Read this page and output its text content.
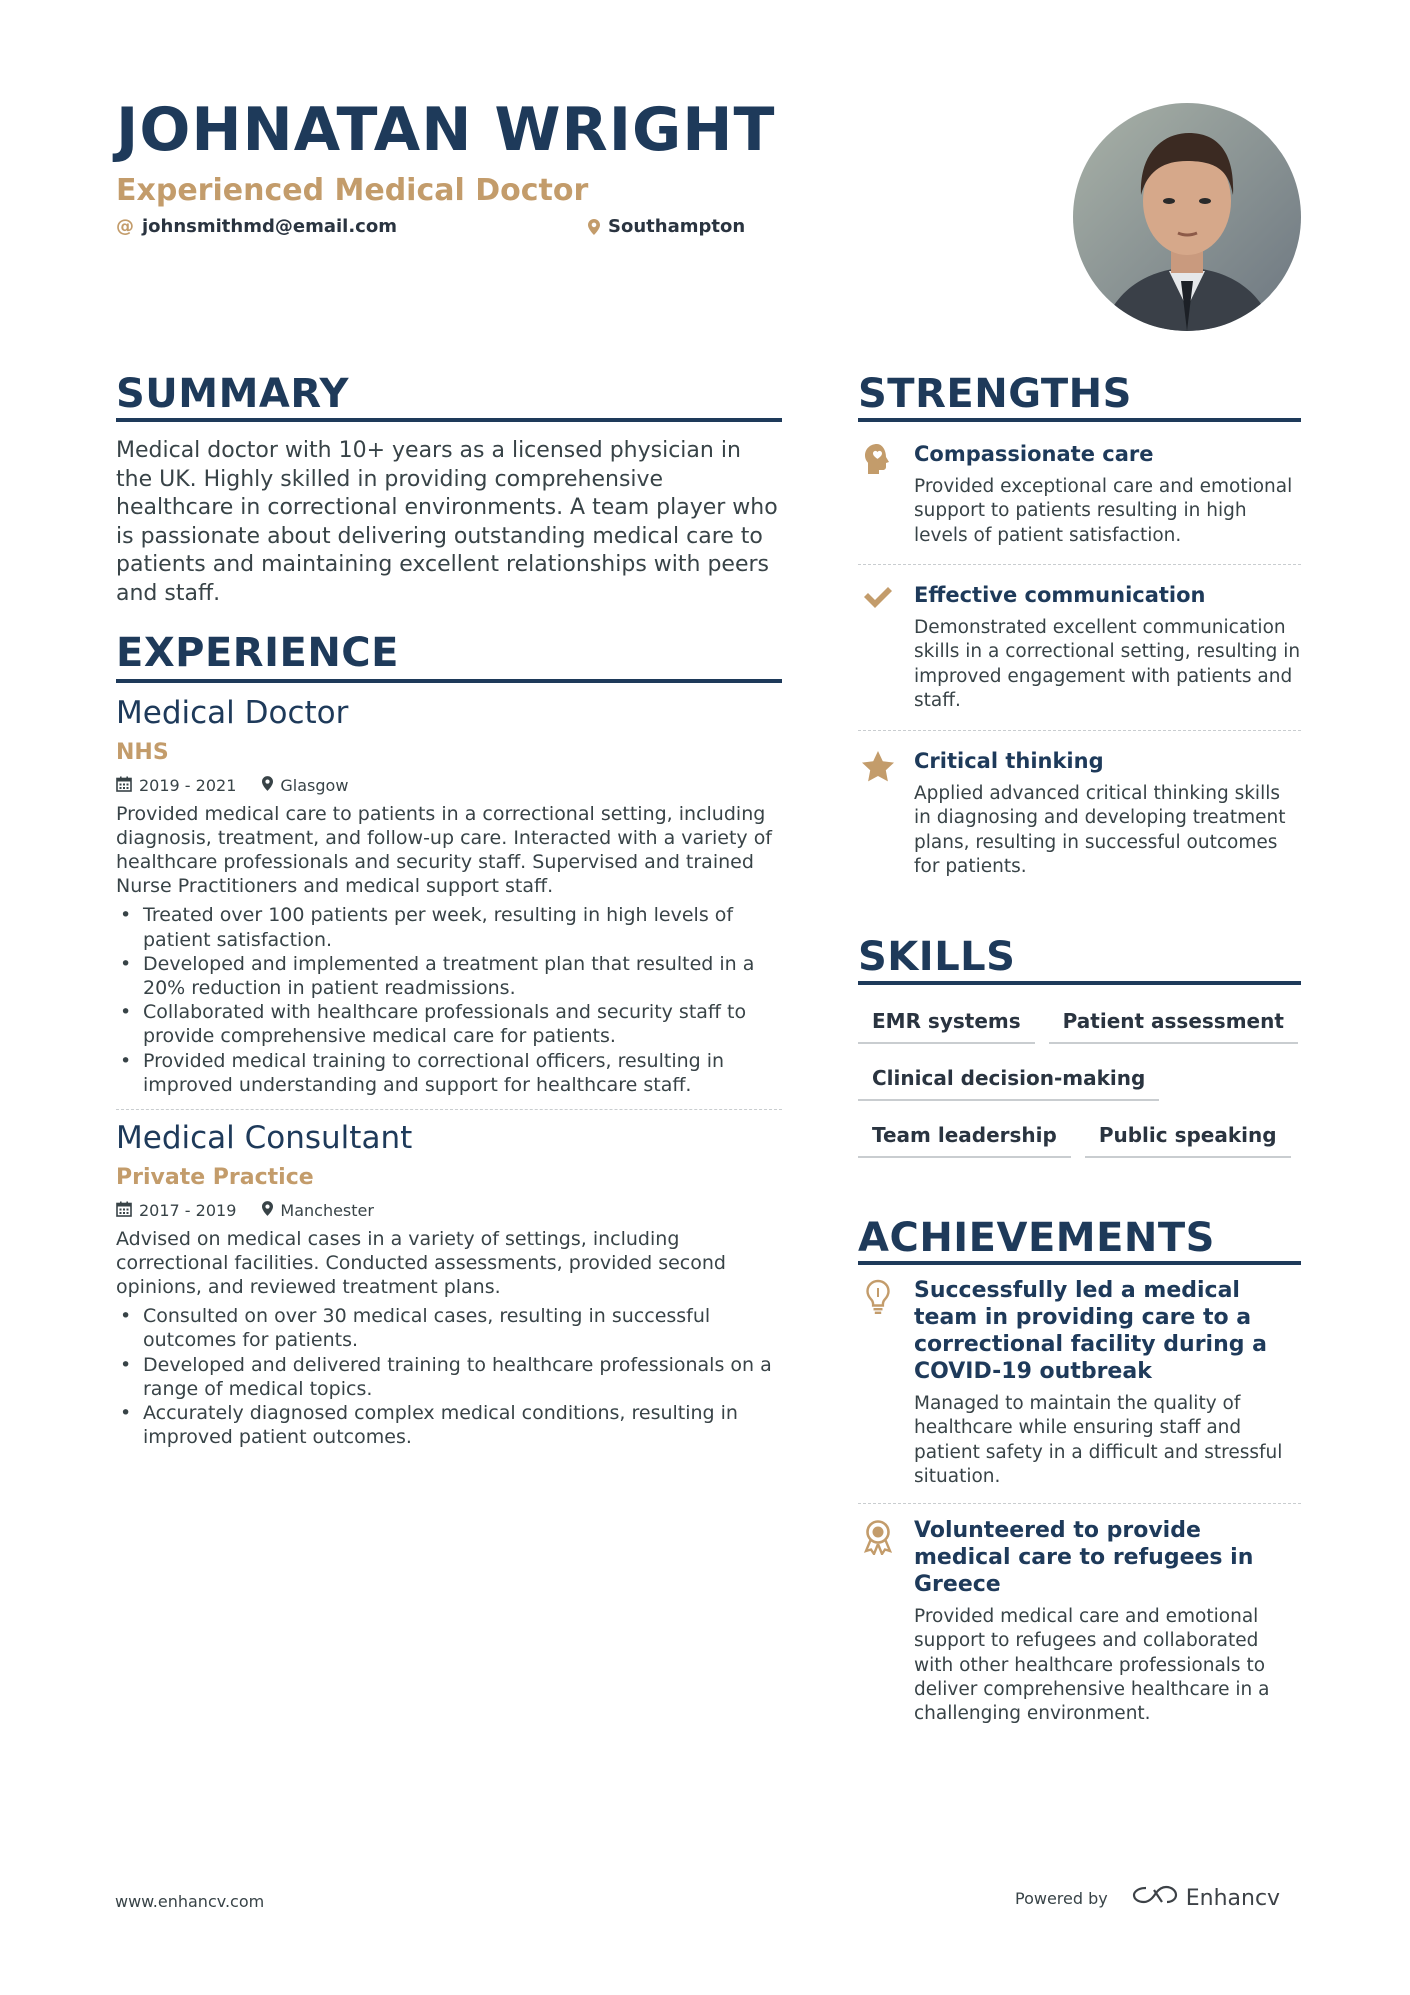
JOHNATAN WRIGHT
Experienced Medical Doctor
@ johnsmithmd@email.com	Southampton
SUMMARY
Medical doctor with 10+ years as a licensed physician in the UK. Highly skilled in providing comprehensive healthcare in correctional environments. A team player who is passionate about delivering outstanding medical care to patients and maintaining excellent relationships with peers and staff.
EXPERIENCE
Medical Doctor
NHS
2019 - 2021	Glasgow
Provided medical care to patients in a correctional setting, including diagnosis, treatment, and follow-up care. Interacted with a variety of healthcare professionals and security staff. Supervised and trained Nurse Practitioners and medical support staff.
• Treated over 100 patients per week, resulting in high levels of patient satisfaction.
• Developed and implemented a treatment plan that resulted in a 20% reduction in patient readmissions.
• Collaborated with healthcare professionals and security staff to provide comprehensive medical care for patients.
• Provided medical training to correctional officers, resulting in improved understanding and support for healthcare staff.
Medical Consultant
Private Practice
2017 - 2019	Manchester
Advised on medical cases in a variety of settings, including correctional facilities. Conducted assessments, provided second opinions, and reviewed treatment plans.
• Consulted on over 30 medical cases, resulting in successful outcomes for patients.
• Developed and delivered training to healthcare professionals on a range of medical topics.
• Accurately diagnosed complex medical conditions, resulting in improved patient outcomes.
STRENGTHS
Compassionate care
Provided exceptional care and emotional support to patients resulting in high levels of patient satisfaction.
Effective communication
Demonstrated excellent communication skills in a correctional setting, resulting in improved engagement with patients and staff.
Critical thinking
Applied advanced critical thinking skills in diagnosing and developing treatment plans, resulting in successful outcomes for patients.
SKILLS
EMR systems	Patient assessment
Clinical decision-making
Team leadership	Public speaking
ACHIEVEMENTS
Successfully led a medical team in providing care to a correctional facility during a COVID-19 outbreak
Managed to maintain the quality of healthcare while ensuring staff and patient safety in a difficult and stressful situation.
Volunteered to provide medical care to refugees in Greece
Provided medical care and emotional support to refugees and collaborated with other healthcare professionals to deliver comprehensive healthcare in a challenging environment.
www.enhancv.com	Powered by	Enhancv
